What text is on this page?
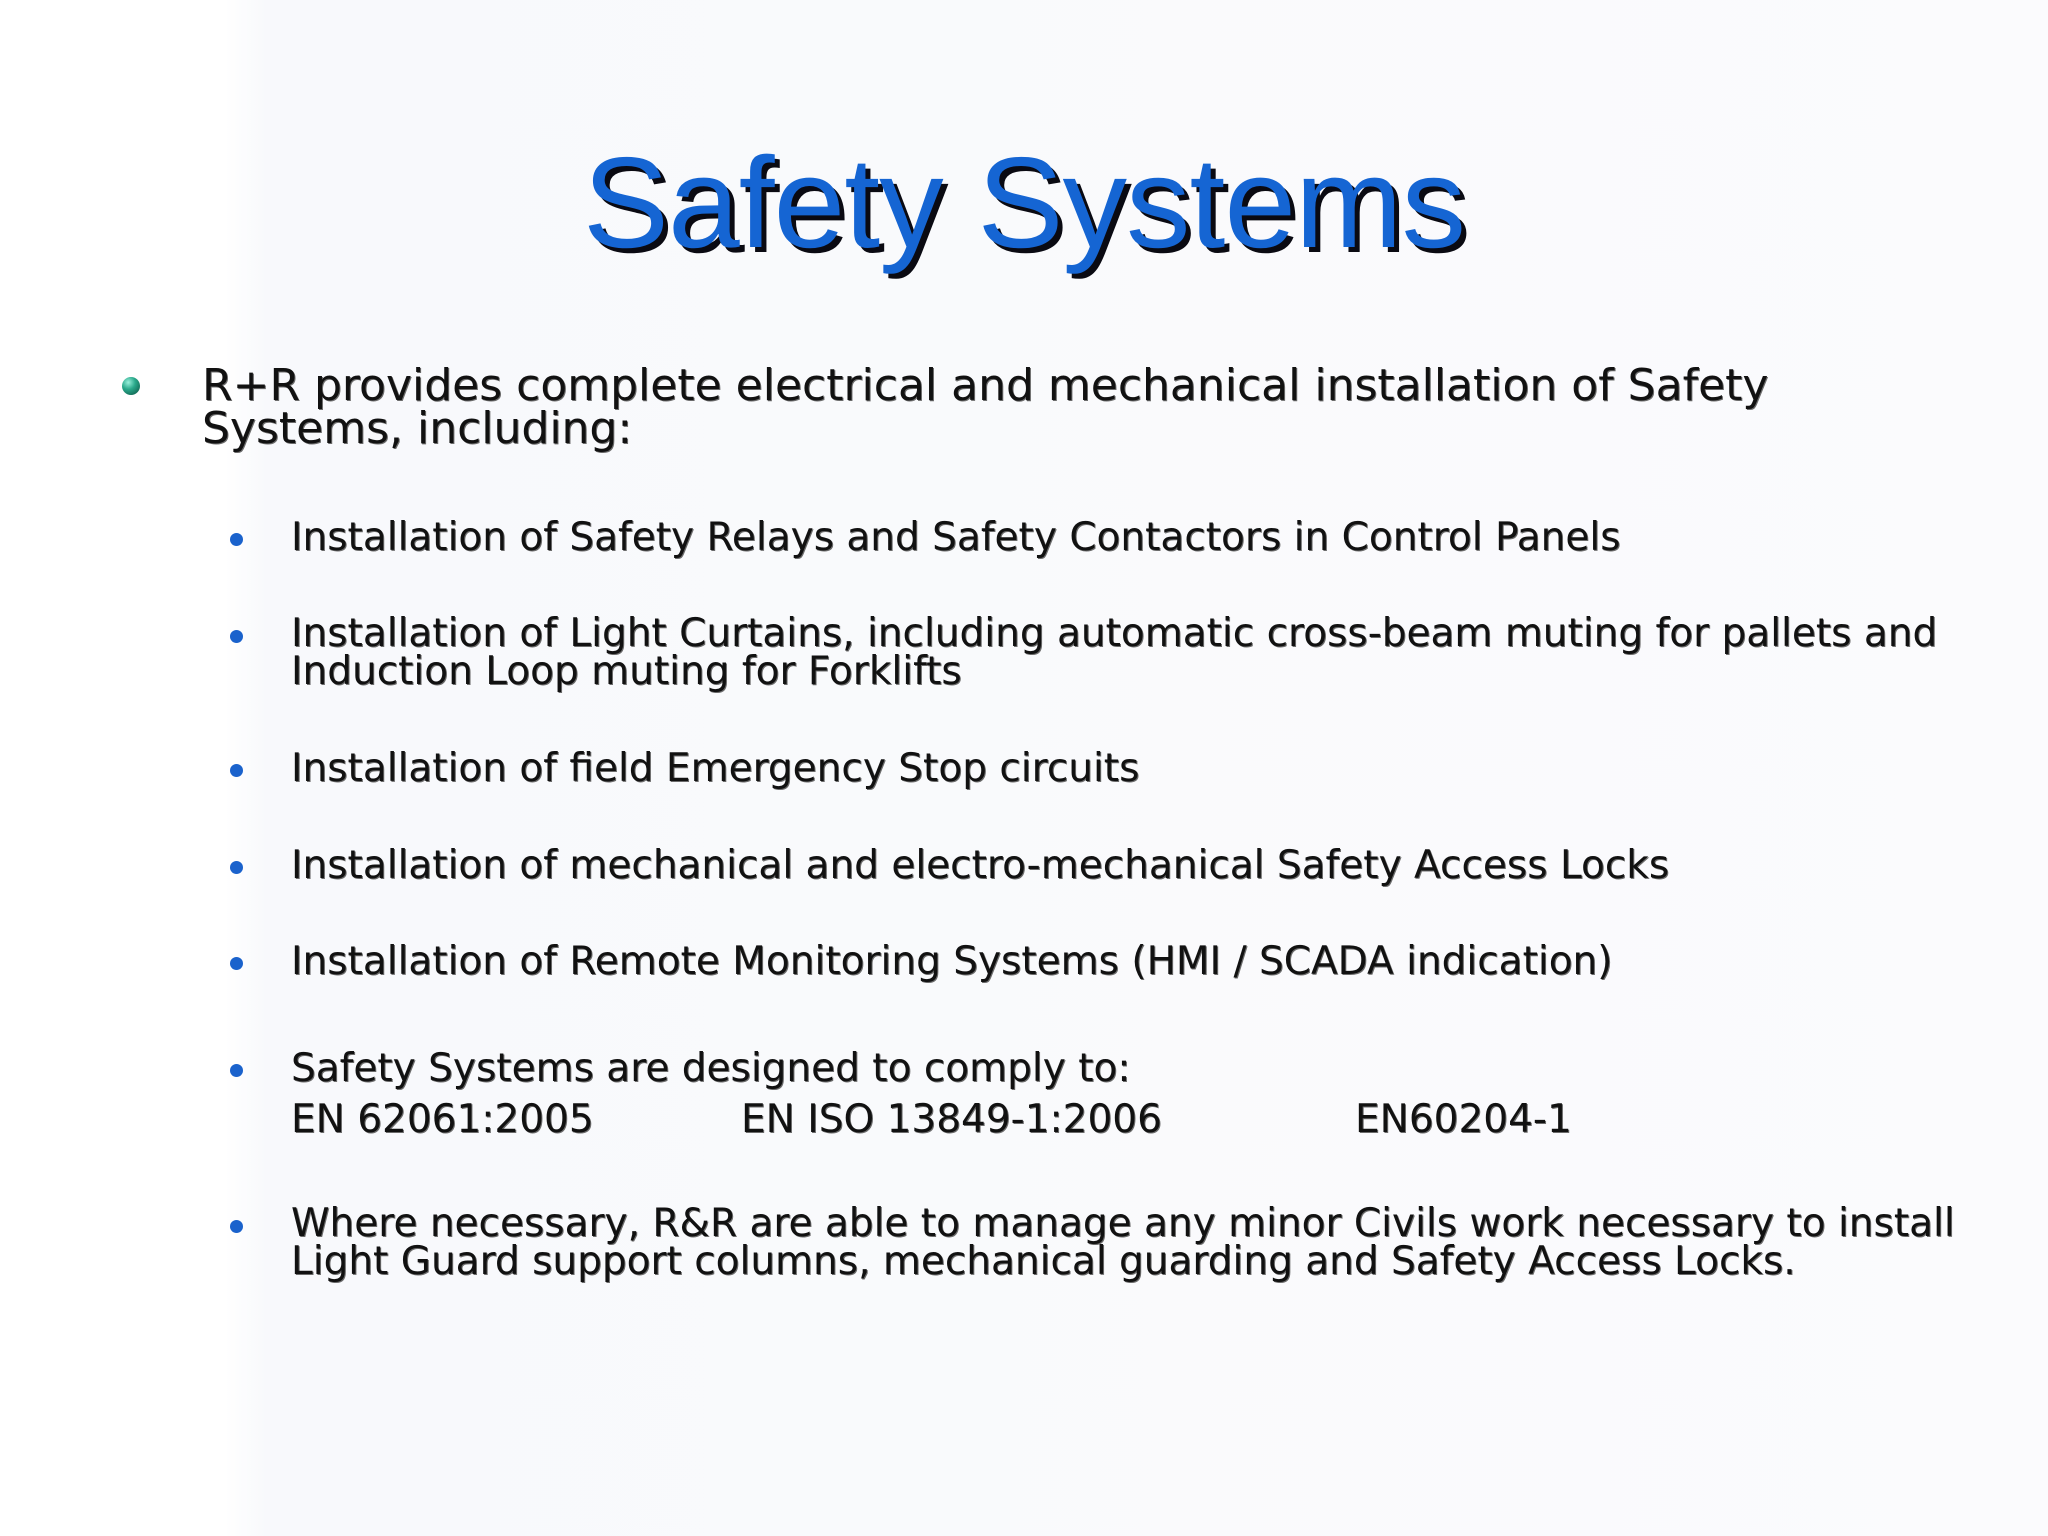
Safety Systems
R+R provides complete electrical and mechanical installation of Safety Systems, including:
Installation of Safety Relays and Safety Contactors in Control Panels
Installation of Light Curtains, including automatic cross-beam muting for pallets and Induction Loop muting for Forklifts
Installation of field Emergency Stop circuits
Installation of mechanical and electro-mechanical Safety Access Locks
Installation of Remote Monitoring Systems (HMI / SCADA indication)
Safety Systems are designed to comply to:
EN 62061:2005	EN ISO 13849-1:2006	EN60204-1
Where necessary, R&R are able to manage any minor Civils work necessary to install Light Guard support columns, mechanical guarding and Safety Access Locks.
